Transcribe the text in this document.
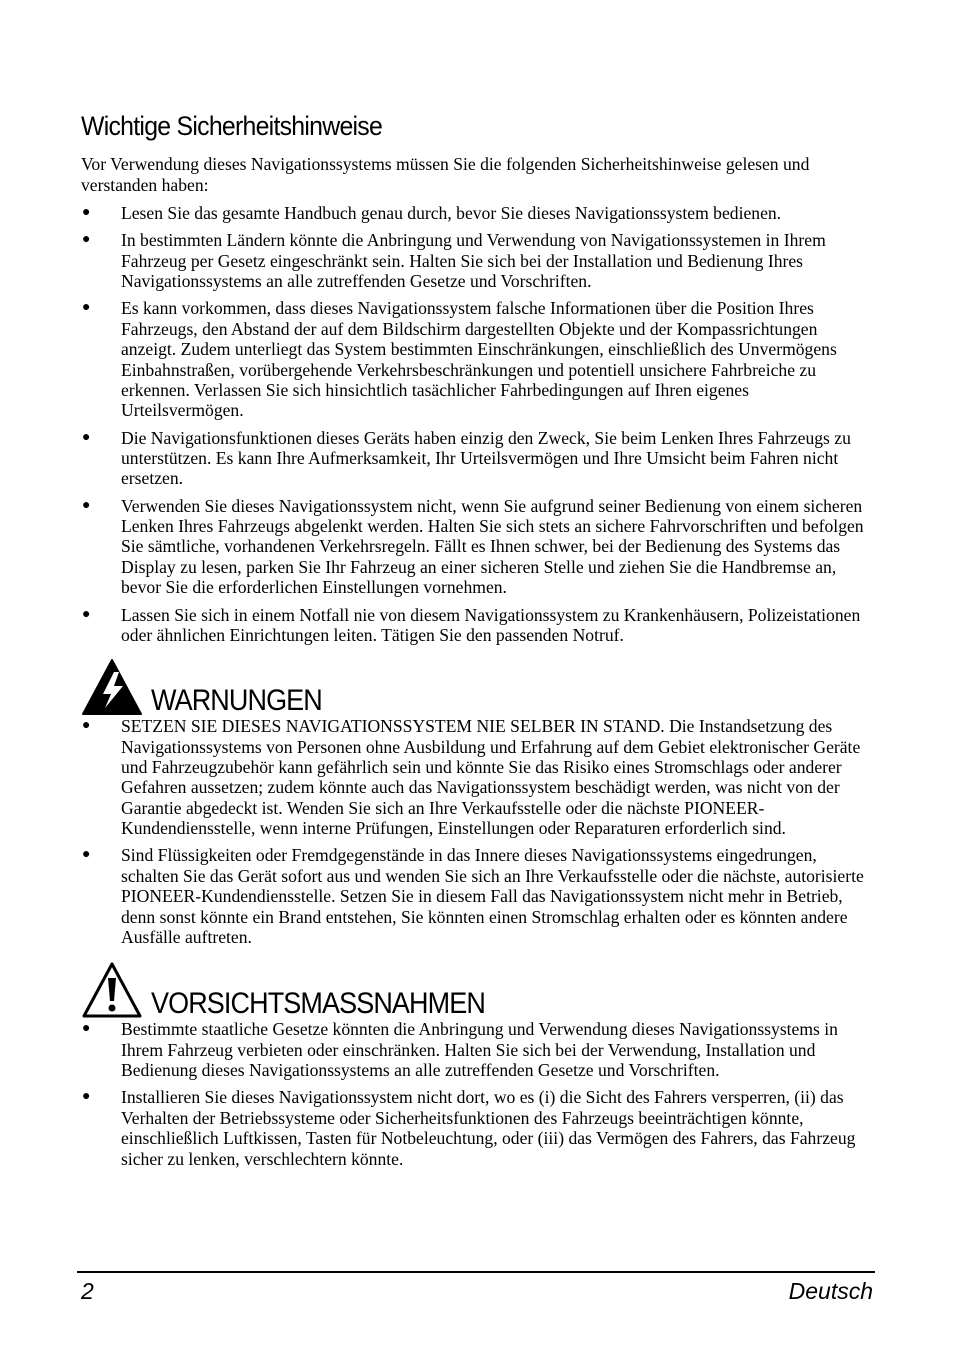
Wichtige Sicherheitshinweise

Vor Verwendung dieses Navigationssystems müssen Sie die folgenden Sicherheitshinweise gelesen und verstanden haben:

● Lesen Sie das gesamte Handbuch genau durch, bevor Sie dieses Navigationssystem bedienen.
● In bestimmten Ländern könnte die Anbringung und Verwendung von Navigationssystemen in Ihrem Fahrzeug per Gesetz eingeschränkt sein. Halten Sie sich bei der Installation und Bedienung Ihres Navigationssystems an alle zutreffenden Gesetze und Vorschriften.
● Es kann vorkommen, dass dieses Navigationssystem falsche Informationen über die Position Ihres Fahrzeugs, den Abstand der auf dem Bildschirm dargestellten Objekte und der Kompassrichtungen anzeigt. Zudem unterliegt das System bestimmten Einschränkungen, einschließlich des Unvermögens Einbahnstraßen, vorübergehende Verkehrsbeschränkungen und potentiell unsichere Fahrbreiche zu erkennen. Verlassen Sie sich hinsichtlich tasächlicher Fahrbedingungen auf Ihren eigenes Urteilsvermögen.
● Die Navigationsfunktionen dieses Geräts haben einzig den Zweck, Sie beim Lenken Ihres Fahrzeugs zu unterstützen. Es kann Ihre Aufmerksamkeit, Ihr Urteilsvermögen und Ihre Umsicht beim Fahren nicht ersetzen.
● Verwenden Sie dieses Navigationssystem nicht, wenn Sie aufgrund seiner Bedienung von einem sicheren Lenken Ihres Fahrzeugs abgelenkt werden. Halten Sie sich stets an sichere Fahrvorschriften und befolgen Sie sämtliche, vorhandenen Verkehrsregeln. Fällt es Ihnen schwer, bei der Bedienung des Systems das Display zu lesen, parken Sie Ihr Fahrzeug an einer sicheren Stelle und ziehen Sie die Handbremse an, bevor Sie die erforderlichen Einstellungen vornehmen.
● Lassen Sie sich in einem Notfall nie von diesem Navigationssystem zu Krankenhäusern, Polizeistationen oder ähnlichen Einrichtungen leiten. Tätigen Sie den passenden Notruf.
WARNUNGEN
● SETZEN SIE DIESES NAVIGATIONSSYSTEM NIE SELBER IN STAND. Die Instandsetzung des Navigationssystems von Personen ohne Ausbildung und Erfahrung auf dem Gebiet elektronischer Geräte und Fahrzeugzubehör kann gefährlich sein und könnte Sie das Risiko eines Stromschlags oder anderer Gefahren aussetzen; zudem könnte auch das Navigationssystem beschädigt werden, was nicht von der Garantie abgedeckt ist. Wenden Sie sich an Ihre Verkaufsstelle oder die nächste PIONEER-Kundendiensstelle, wenn interne Prüfungen, Einstellungen oder Reparaturen erforderlich sind.
● Sind Flüssigkeiten oder Fremdgegenstände in das Innere dieses Navigationssystems eingedrungen, schalten Sie das Gerät sofort aus und wenden Sie sich an Ihre Verkaufsstelle oder die nächste, autorisierte PIONEER-Kundendiensstelle. Setzen Sie in diesem Fall das Navigationssystem nicht mehr in Betrieb, denn sonst könnte ein Brand entstehen, Sie könnten einen Stromschlag erhalten oder es könnten andere Ausfälle auftreten.
VORSICHTSMASSNAHMEN
● Bestimmte staatliche Gesetze könnten die Anbringung und Verwendung dieses Navigationssystems in Ihrem Fahrzeug verbieten oder einschränken. Halten Sie sich bei der Verwendung, Installation und Bedienung dieses Navigationssystems an alle zutreffenden Gesetze und Vorschriften.
● Installieren Sie dieses Navigationssystem nicht dort, wo es (i) die Sicht des Fahrers versperren, (ii) das Verhalten der Betriebssysteme oder Sicherheitsfunktionen des Fahrzeugs beeinträchtigen könnte, einschließlich Luftkissen, Tasten für Notbeleuchtung, oder (iii) das Vermögen des Fahrers, das Fahrzeug sicher zu lenken, verschlechtern könnte.
2	Deutsch
